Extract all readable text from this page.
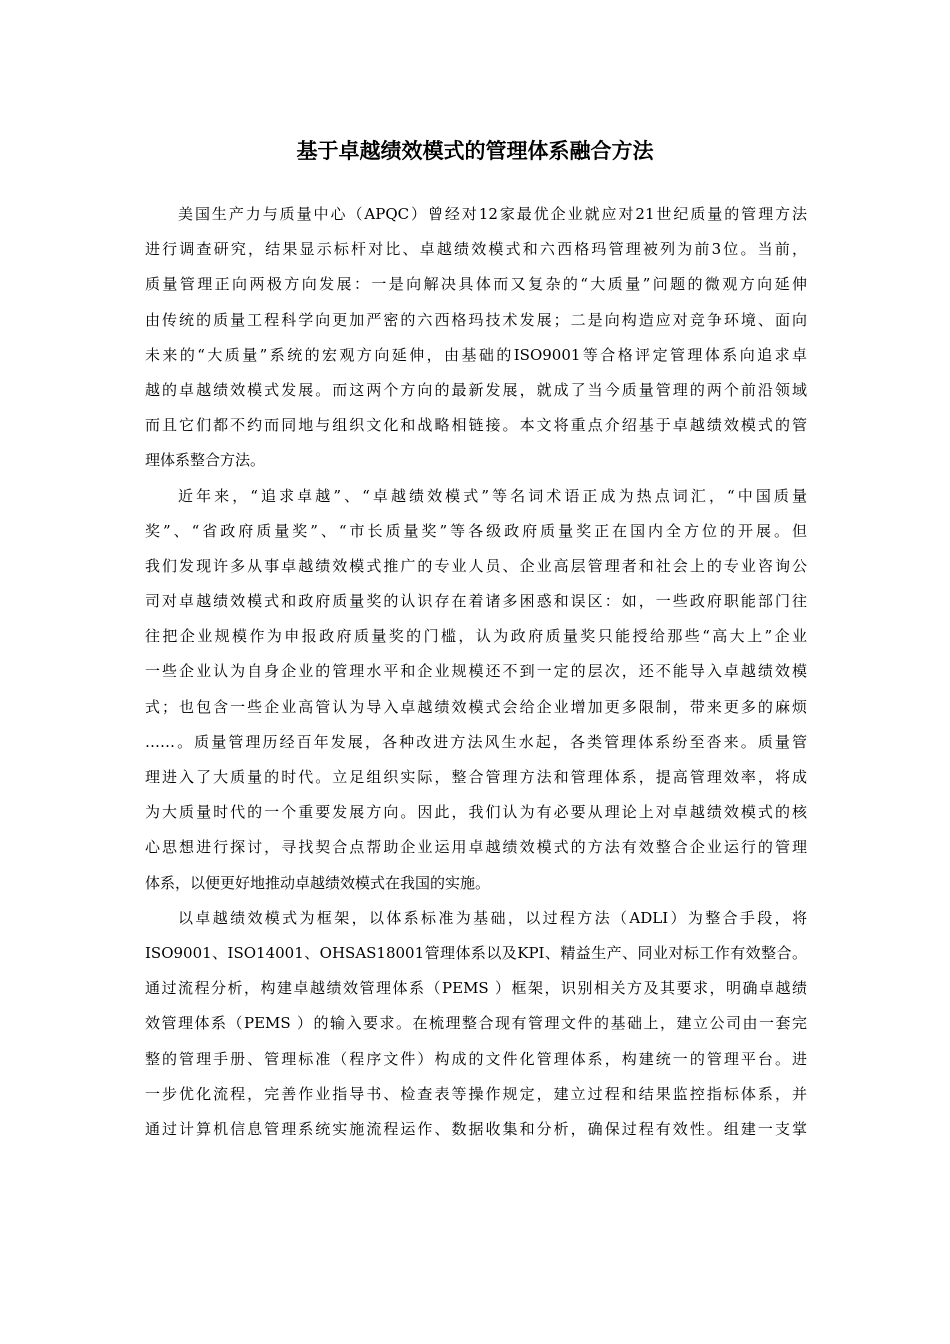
基于卓越绩效模式的管理体系融合方法
美国生产力与质量中心（APQC）曾经对12家最优企业就应对21世纪质量的管理方法
进行调查研究，结果显示标杆对比、卓越绩效模式和六西格玛管理被列为前3位。当前，
质量管理正向两极方向发展：一是向解决具体而又复杂的“大质量”问题的微观方向延伸
由传统的质量工程科学向更加严密的六西格玛技术发展；二是向构造应对竞争环境、面向
未来的“大质量”系统的宏观方向延伸，由基础的ISO9001等合格评定管理体系向追求卓
越的卓越绩效模式发展。而这两个方向的最新发展，就成了当今质量管理的两个前沿领域
而且它们都不约而同地与组织文化和战略相链接。本文将重点介绍基于卓越绩效模式的管
理体系整合方法。
近年来，“追求卓越”、“卓越绩效模式”等名词术语正成为热点词汇，“中国质量
奖”、“省政府质量奖”、“市长质量奖”等各级政府质量奖正在国内全方位的开展。但
我们发现许多从事卓越绩效模式推广的专业人员、企业高层管理者和社会上的专业咨询公
司对卓越绩效模式和政府质量奖的认识存在着诸多困惑和误区：如，一些政府职能部门往
往把企业规模作为申报政府质量奖的门槛，认为政府质量奖只能授给那些“高大上”企业
一些企业认为自身企业的管理水平和企业规模还不到一定的层次，还不能导入卓越绩效模
式；也包含一些企业高管认为导入卓越绩效模式会给企业增加更多限制，带来更多的麻烦
……。质量管理历经百年发展，各种改进方法风生水起，各类管理体系纷至沓来。质量管
理进入了大质量的时代。立足组织实际，整合管理方法和管理体系，提高管理效率，将成
为大质量时代的一个重要发展方向。因此，我们认为有必要从理论上对卓越绩效模式的核
心思想进行探讨，寻找契合点帮助企业运用卓越绩效模式的方法有效整合企业运行的管理
体系，以便更好地推动卓越绩效模式在我国的实施。
以卓越绩效模式为框架，以体系标准为基础，以过程方法（ADLI）为整合手段，将
ISO9001、ISO14001、OHSAS18001管理体系以及KPI、精益生产、同业对标工作有效整合。
通过流程分析，构建卓越绩效管理体系（PEMS ）框架，识别相关方及其要求，明确卓越绩
效管理体系（PEMS ）的输入要求。在梳理整合现有管理文件的基础上，建立公司由一套完
整的管理手册、管理标准（程序文件）构成的文件化管理体系，构建统一的管理平台。进
一步优化流程，完善作业指导书、检查表等操作规定，建立过程和结果监控指标体系，并
通过计算机信息管理系统实施流程运作、数据收集和分析，确保过程有效性。组建一支掌
